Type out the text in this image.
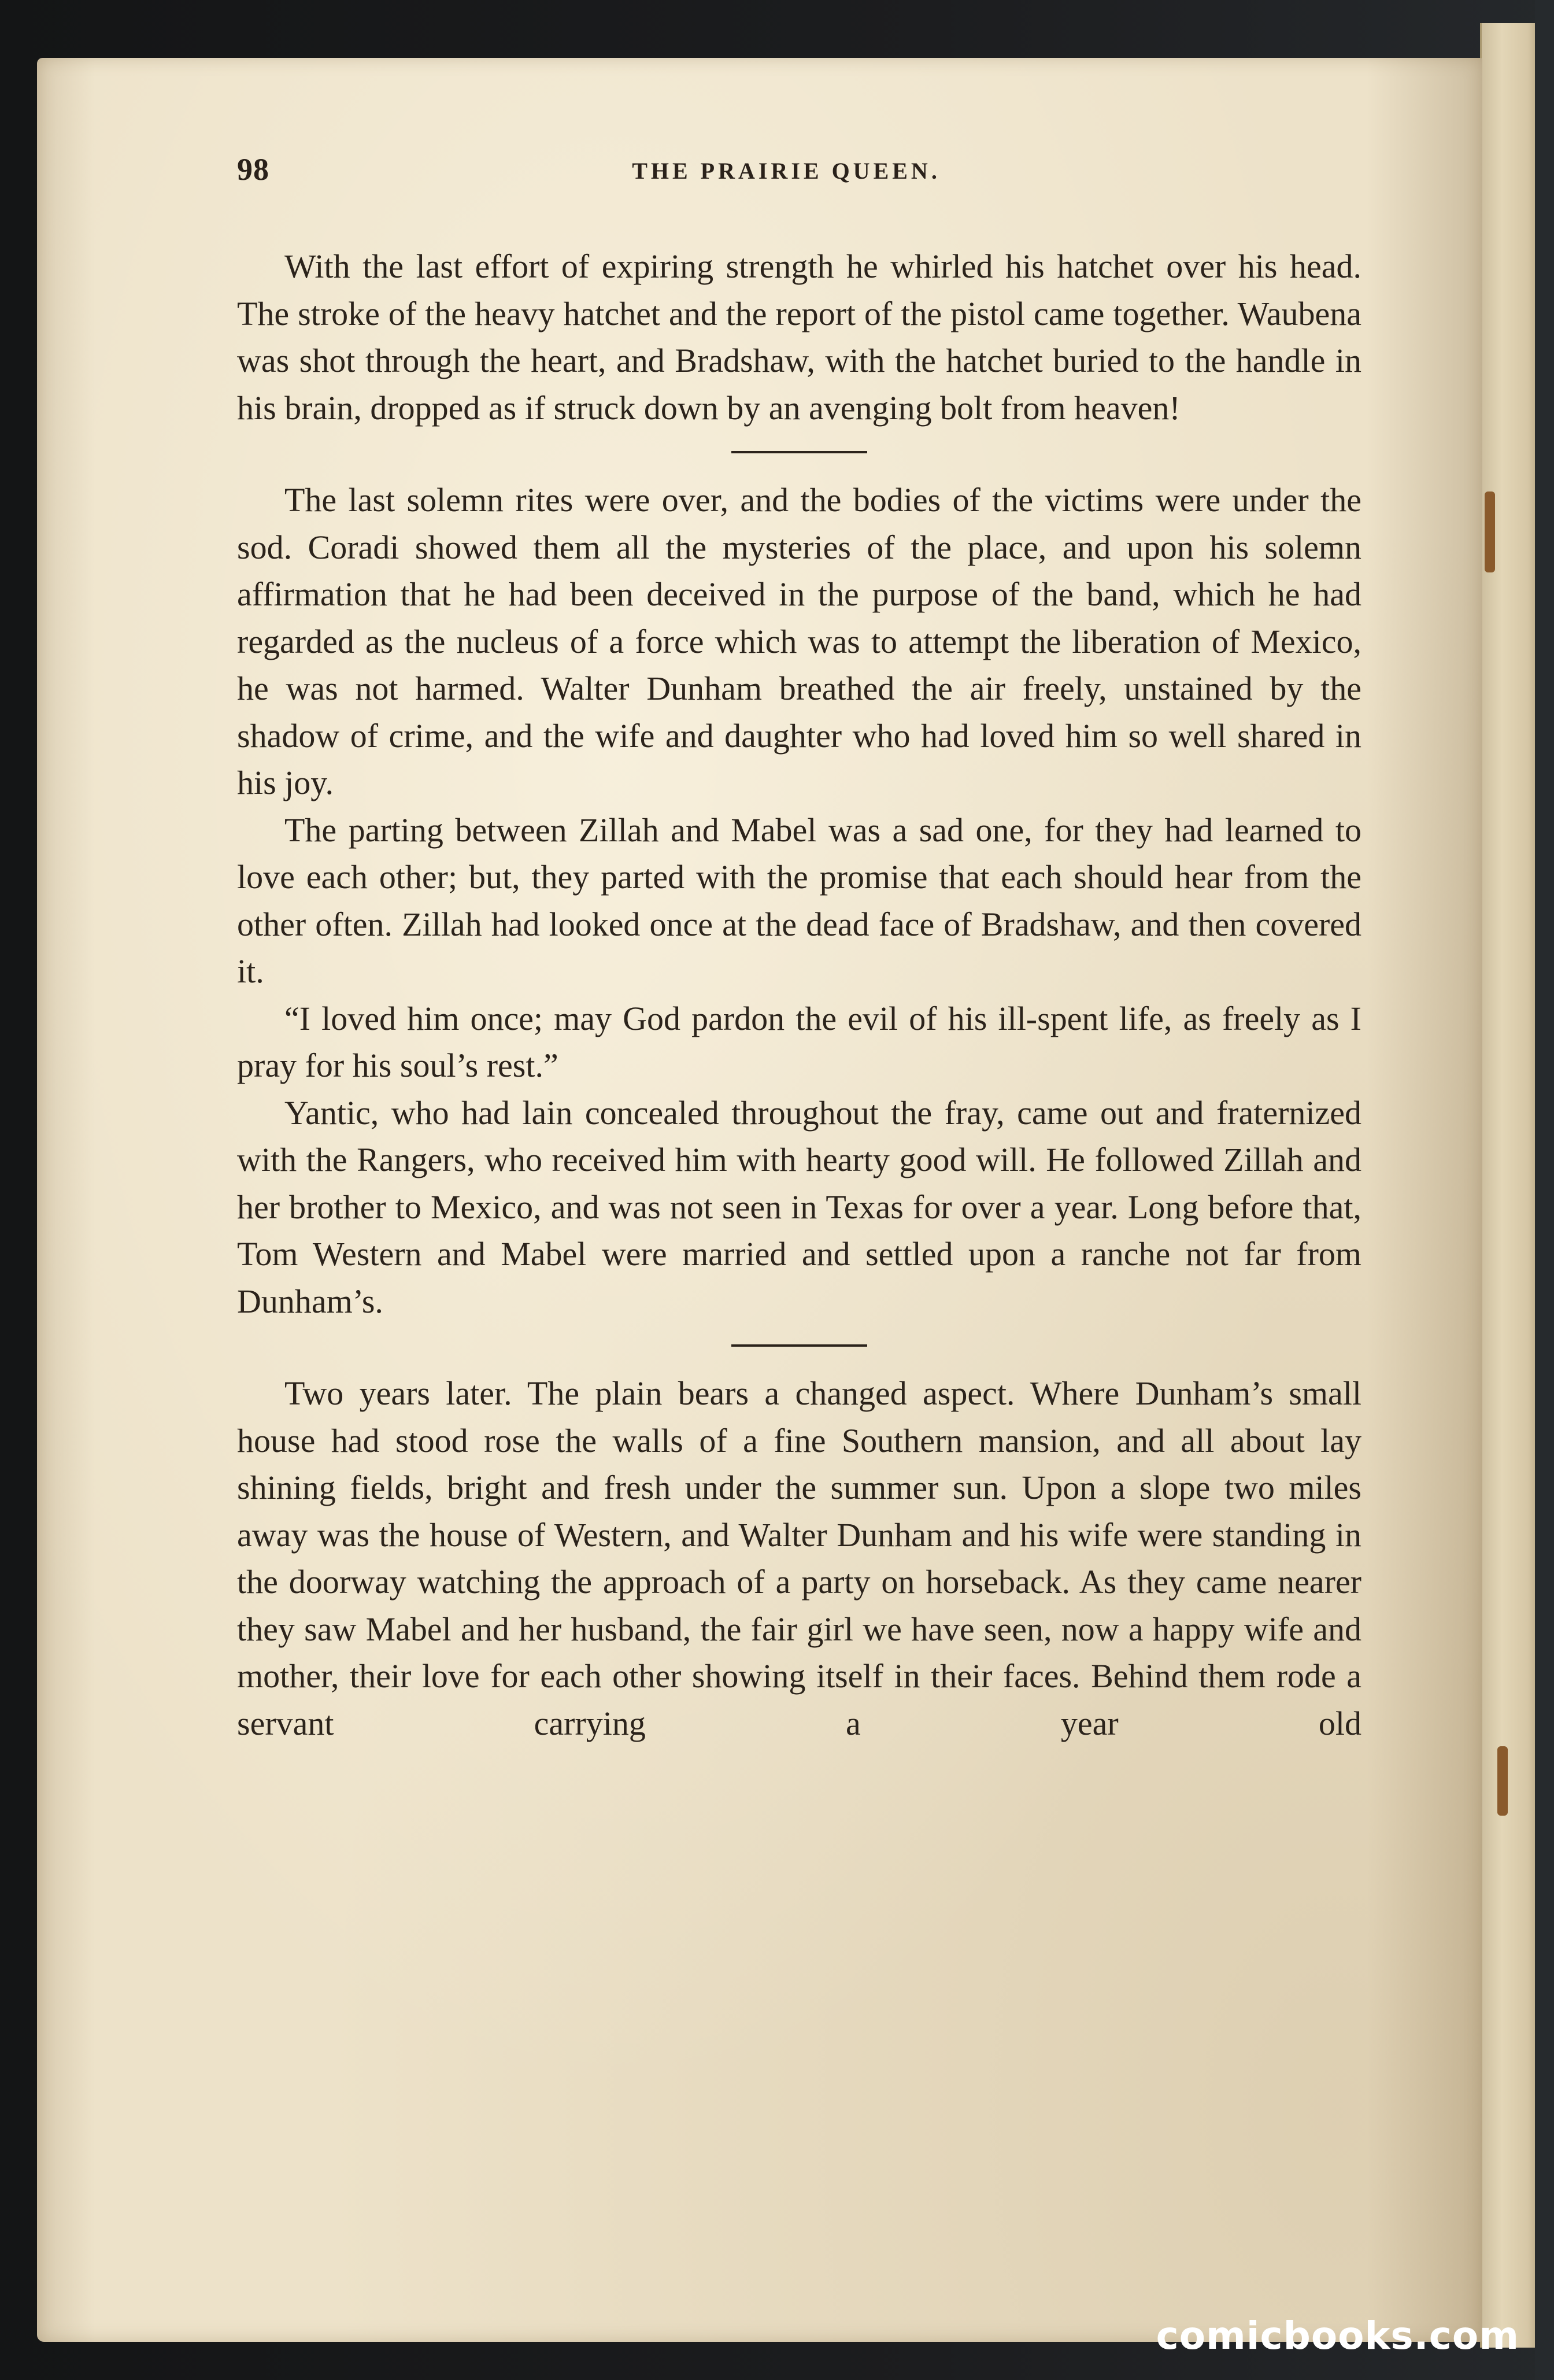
98	THE PRAIRIE QUEEN.

With the last effort of expiring strength he whirled his hatchet over his head. The stroke of the heavy hatchet and the report of the pistol came together. Waubena was shot through the heart, and Bradshaw, with the hatchet buried to the handle in his brain, dropped as if struck down by an avenging bolt from heaven!

The last solemn rites were over, and the bodies of the victims were under the sod. Coradi showed them all the mysteries of the place, and upon his solemn affirmation that he had been deceived in the purpose of the band, which he had regarded as the nucleus of a force which was to attempt the liberation of Mexico, he was not harmed. Walter Dunham breathed the air freely, unstained by the shadow of crime, and the wife and daughter who had loved him so well shared in his joy.

The parting between Zillah and Mabel was a sad one, for they had learned to love each other; but, they parted with the promise that each should hear from the other often. Zillah had looked once at the dead face of Bradshaw, and then covered it.

“I loved him once; may God pardon the evil of his ill-spent life, as freely as I pray for his soul’s rest.”

Yantic, who had lain concealed throughout the fray, came out and fraternized with the Rangers, who received him with hearty good will. He followed Zillah and her brother to Mexico, and was not seen in Texas for over a year. Long before that, Tom Western and Mabel were married and settled upon a ranche not far from Dunham’s.

Two years later. The plain bears a changed aspect. Where Dunham’s small house had stood rose the walls of a fine Southern mansion, and all about lay shining fields, bright and fresh under the summer sun. Upon a slope two miles away was the house of Western, and Walter Dunham and his wife were standing in the doorway watching the approach of a party on horseback. As they came nearer they saw Mabel and her husband, the fair girl we have seen, now a happy wife and mother, their love for each other showing itself in their faces. Behind them rode a servant carrying a year old

comicbooks.com
